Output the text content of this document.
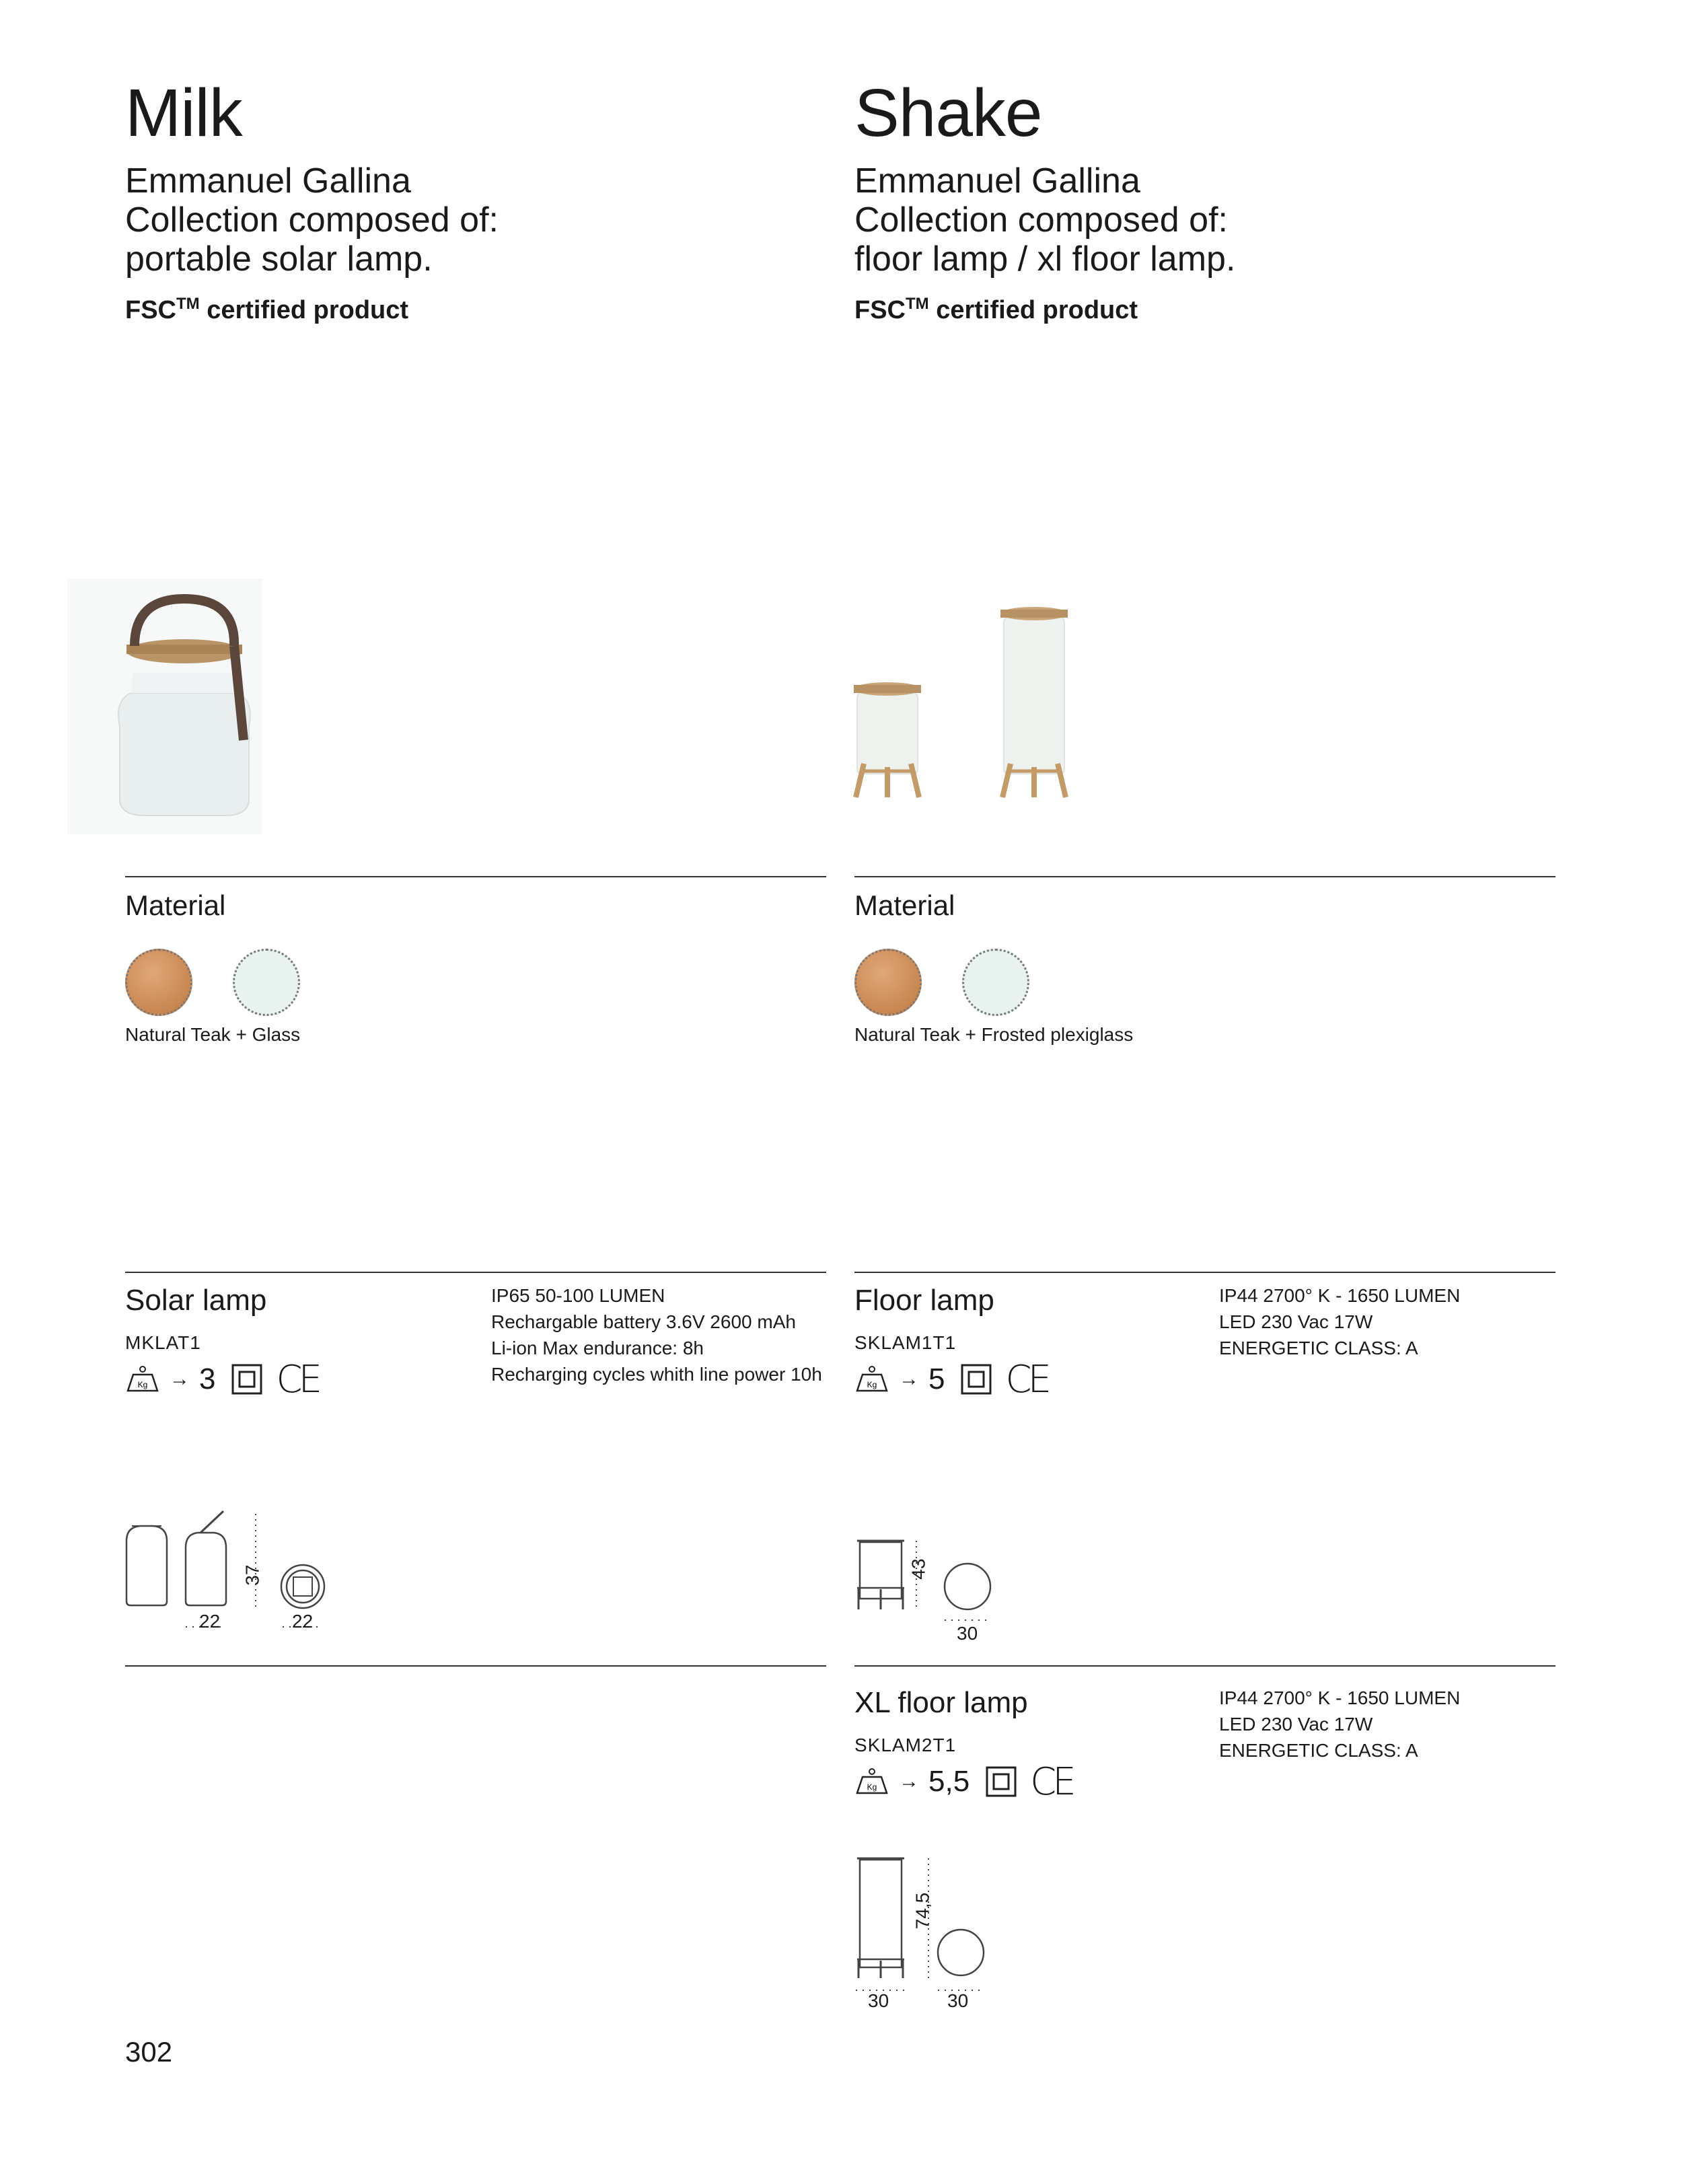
Milk
Emmanuel Gallina
Collection composed of:
portable solar lamp.
FSC™ certified product
Material
Natural Teak + Glass
Solar lamp
MKLAT1
Kg → 3 CE
IP65 50-100 LUMEN
Rechargable battery 3.6V 2600 mAh
Li-ion Max endurance: 8h
Recharging cycles whith line power 10h
37
22	22
Shake
Emmanuel Gallina
Collection composed of:
floor lamp / xl floor lamp.
FSC™ certified product
Material
Natural Teak + Frosted plexiglass
Floor lamp
SKLAM1T1
Kg → 5 CE
IP44 2700° K - 1650 LUMEN
LED 230 Vac 17W
ENERGETIC CLASS: A
43
30
XL floor lamp
SKLAM2T1
Kg → 5,5 CE
IP44 2700° K - 1650 LUMEN
LED 230 Vac 17W
ENERGETIC CLASS: A
74,5
30	30
302
